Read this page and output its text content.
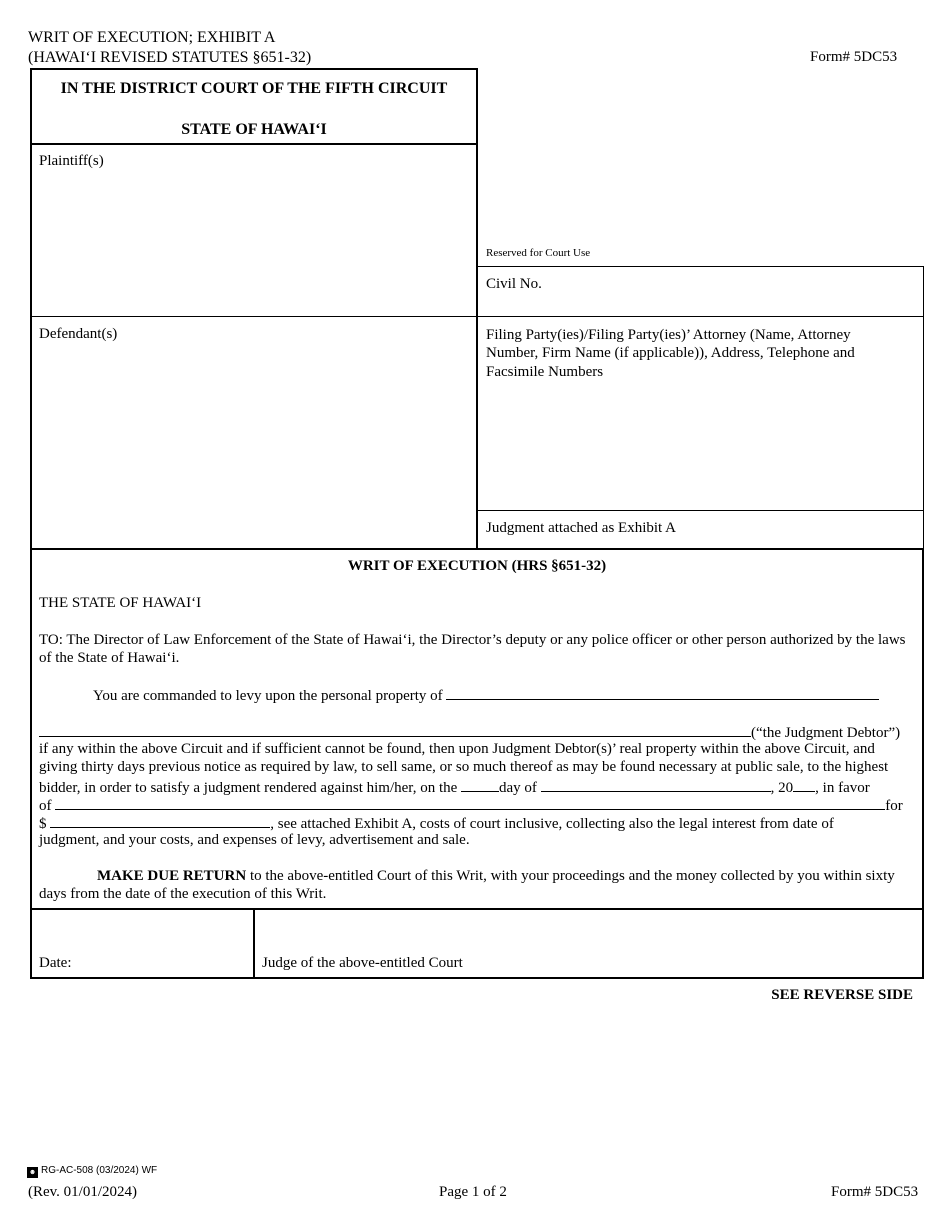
WRIT OF EXECUTION; EXHIBIT A
(HAWAI‘I REVISED STATUTES §651-32)	Form# 5DC53
IN THE DISTRICT COURT OF THE FIFTH CIRCUIT
STATE OF HAWAI‘I
Plaintiff(s)
Defendant(s)
Reserved for Court Use
Civil No.
Filing Party(ies)/Filing Party(ies)’ Attorney (Name, Attorney Number, Firm Name (if applicable)), Address, Telephone and Facsimile Numbers
Judgment attached as Exhibit A
WRIT OF EXECUTION (HRS §651-32)
THE STATE OF HAWAI‘I
TO: The Director of Law Enforcement of the State of Hawai‘i, the Director’s deputy or any police officer or other person authorized by the laws of the State of Hawai‘i.
You are commanded to levy upon the personal property of
(“the Judgment Debtor”)
if any within the above Circuit and if sufficient cannot be found, then upon Judgment Debtor(s)’ real property within the above Circuit, and
giving thirty days previous notice as required by law, to sell same, or so much thereof as may be found necessary at public sale, to the highest
bidder, in order to satisfy a judgment rendered against him/her, on the	day of	, 20 , in favor
of	for
$	, see attached Exhibit A, costs of court inclusive, collecting also the legal interest from date of
judgment, and your costs, and expenses of levy, advertisement and sale.
MAKE DUE RETURN to the above-entitled Court of this Writ, with your proceedings and the money collected by you within sixty days from the date of the execution of this Writ.
Date:	Judge of the above-entitled Court
SEE REVERSE SIDE
☻ RG-AC-508 (03/2024) WF
(Rev. 01/01/2024)	Page 1 of 2	Form# 5DC53
